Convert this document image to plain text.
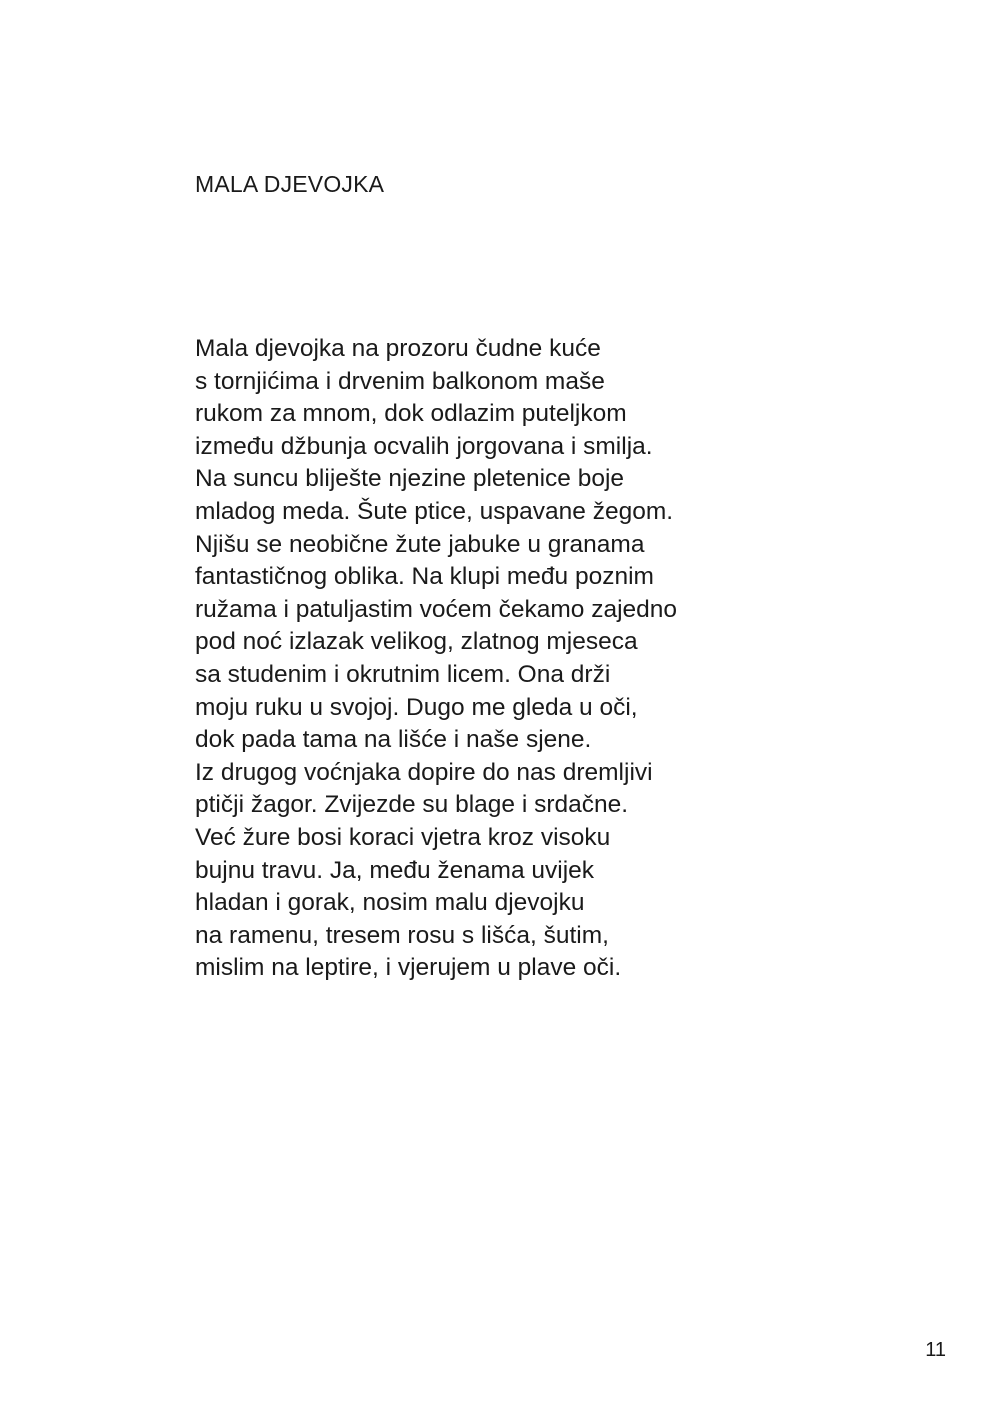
MALA DJEVOJKA
Mala djevojka na prozoru čudne kuće
s tornjićima i drvenim balkonom maše
rukom za mnom, dok odlazim puteljkom
između džbunja ocvalih jorgovana i smilja.
Na suncu bliješte njezine pletenice boje
mladog meda. Šute ptice, uspavane žegom.
Njišu se neobične žute jabuke u granama
fantastičnog oblika. Na klupi među poznim
ružama i patuljastim voćem čekamo zajedno
pod noć izlazak velikog, zlatnog mjeseca
sa studenim i okrutnim licem. Ona drži
moju ruku u svojoj. Dugo me gleda u oči,
dok pada tama na lišće i naše sjene.
Iz drugog voćnjaka dopire do nas dremljivi
ptičji žagor. Zvijezde su blage i srdačne.
Već žure bosi koraci vjetra kroz visoku
bujnu travu. Ja, među ženama uvijek
hladan i gorak, nosim malu djevojku
na ramenu, tresem rosu s lišća, šutim,
mislim na leptire, i vjerujem u plave oči.
11
